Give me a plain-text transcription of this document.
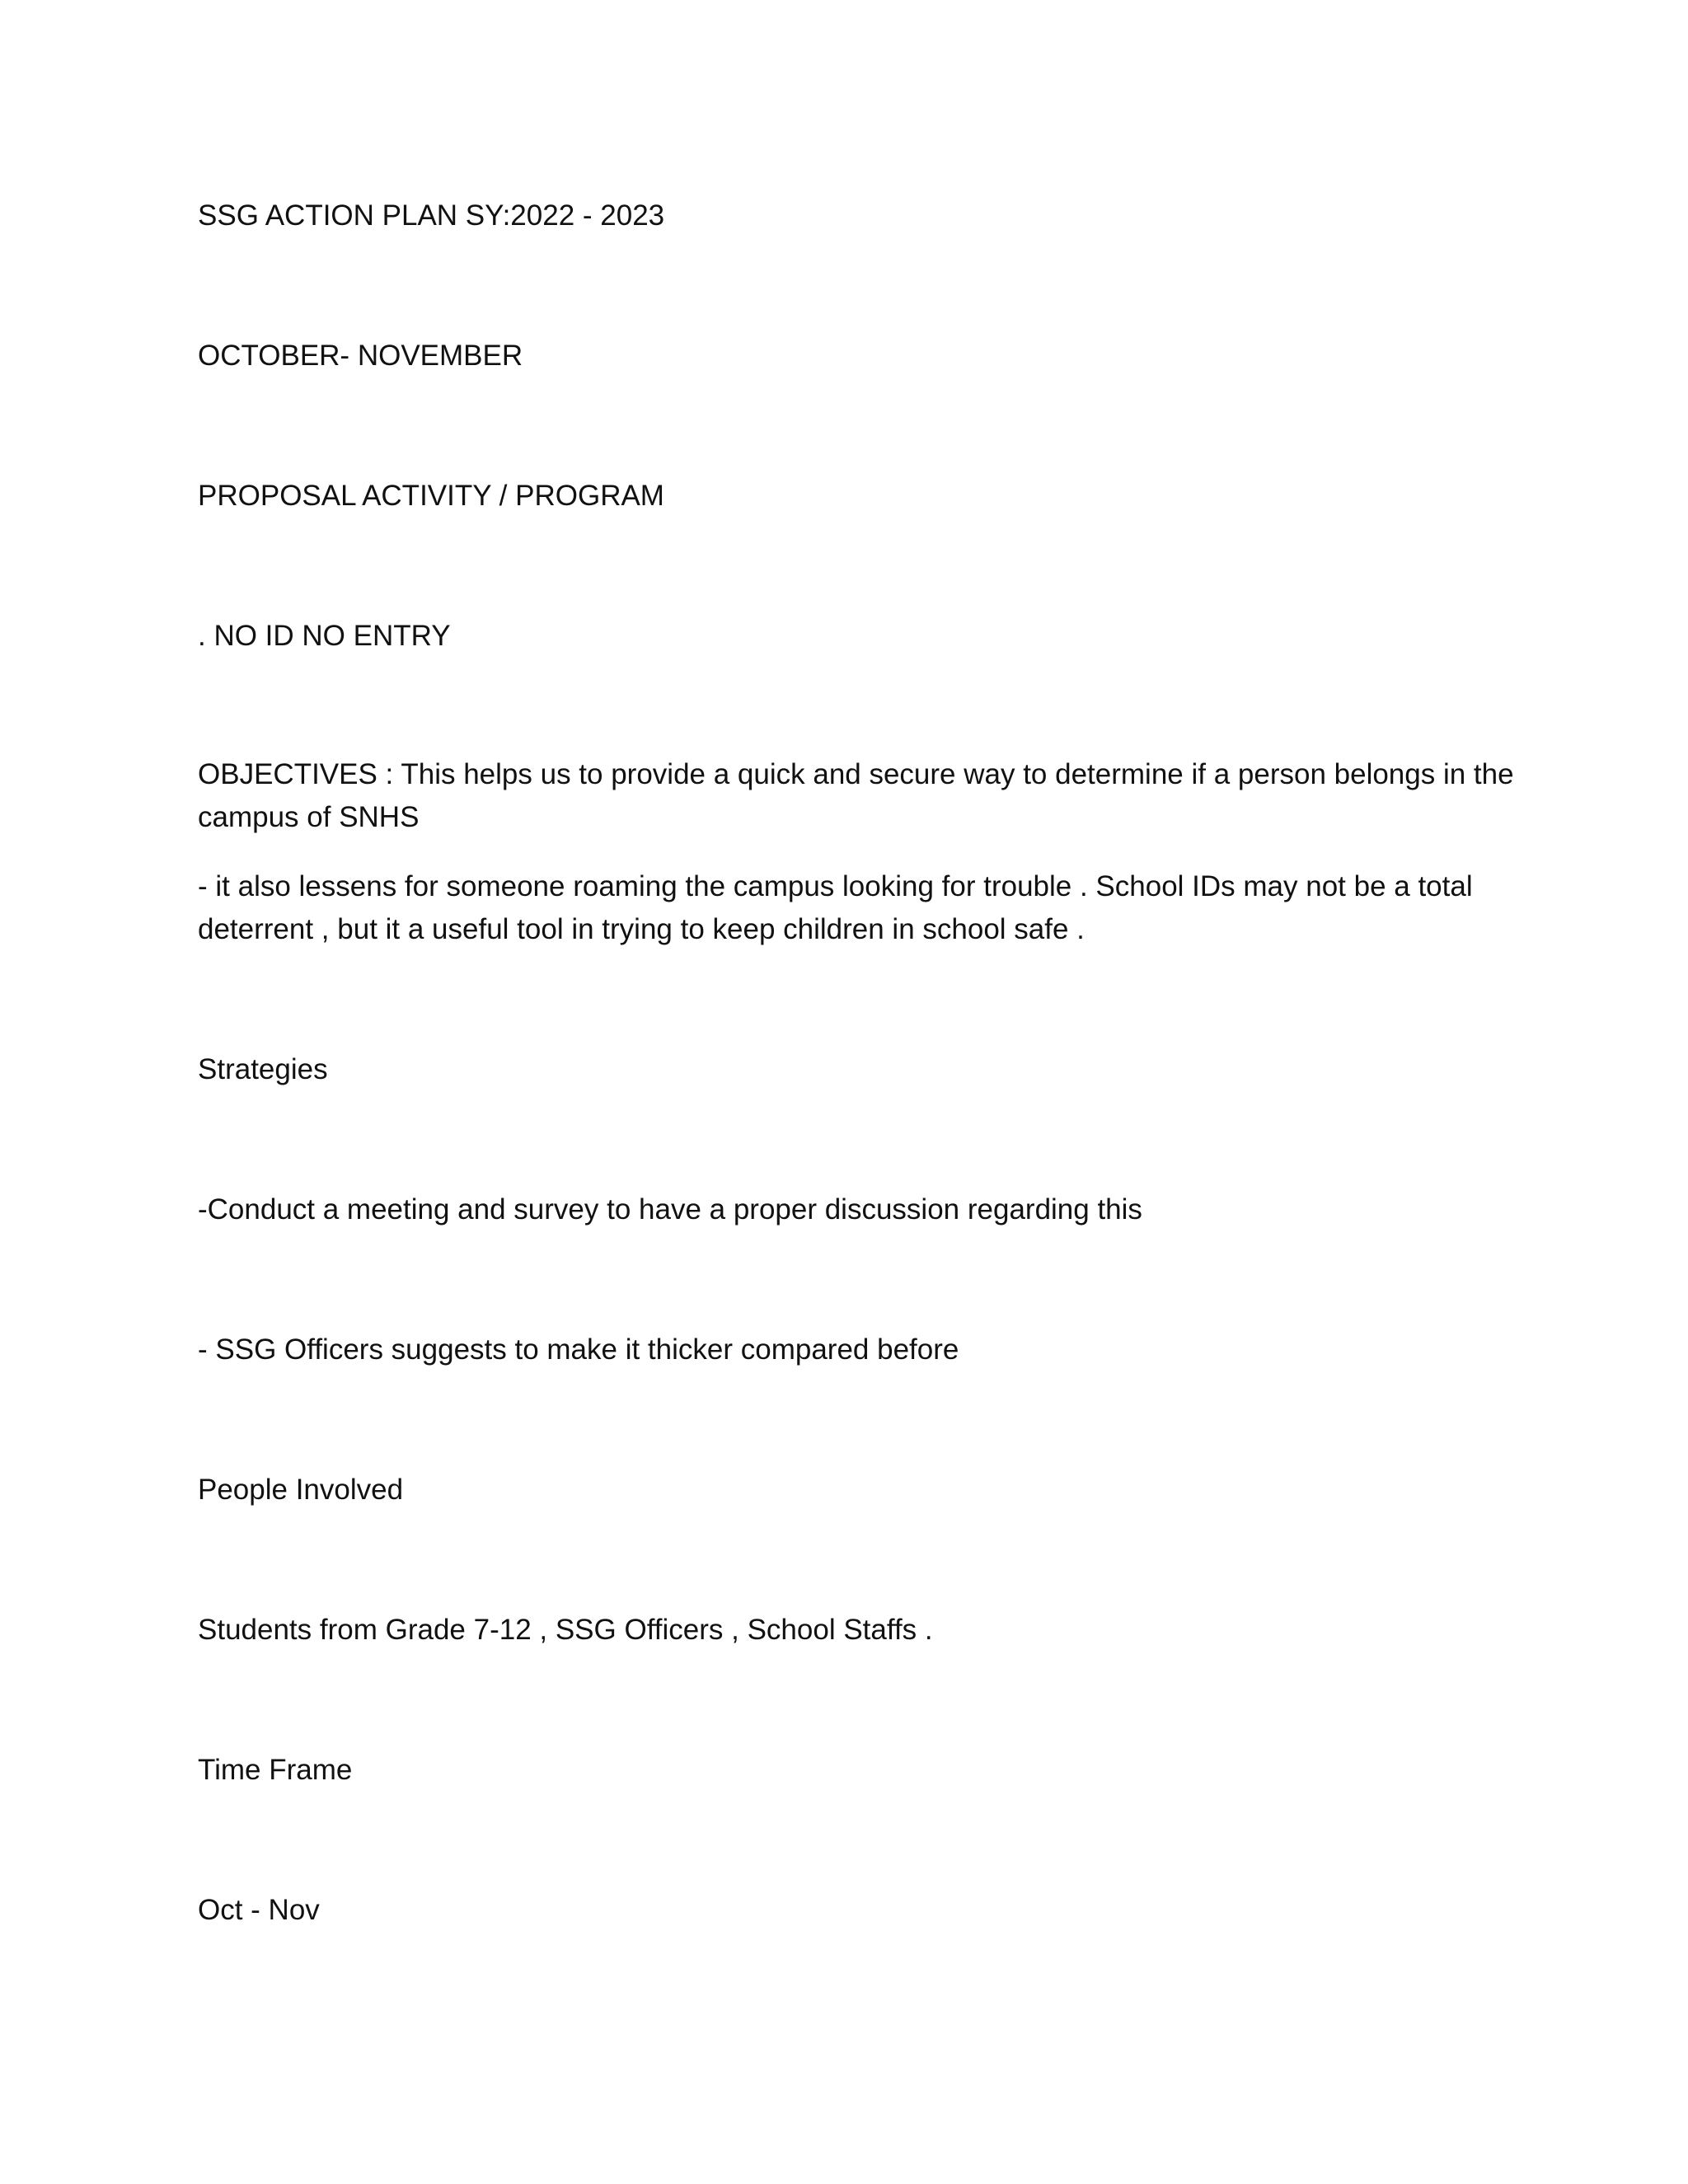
SSG ACTION PLAN SY:2022 - 2023
OCTOBER- NOVEMBER
PROPOSAL ACTIVITY / PROGRAM
. NO ID NO ENTRY
OBJECTIVES : This helps us to provide a quick and secure way to determine if a person belongs in the
campus of SNHS
- it also lessens for someone roaming the campus looking for trouble . School IDs may not be a total
deterrent , but it a useful tool in trying to keep children in school safe .
Strategies
-Conduct a meeting and survey to have a proper discussion regarding this
- SSG Officers suggests to make it thicker compared before
People Involved
Students from Grade 7-12 , SSG Officers , School Staffs .
Time Frame
Oct - Nov
